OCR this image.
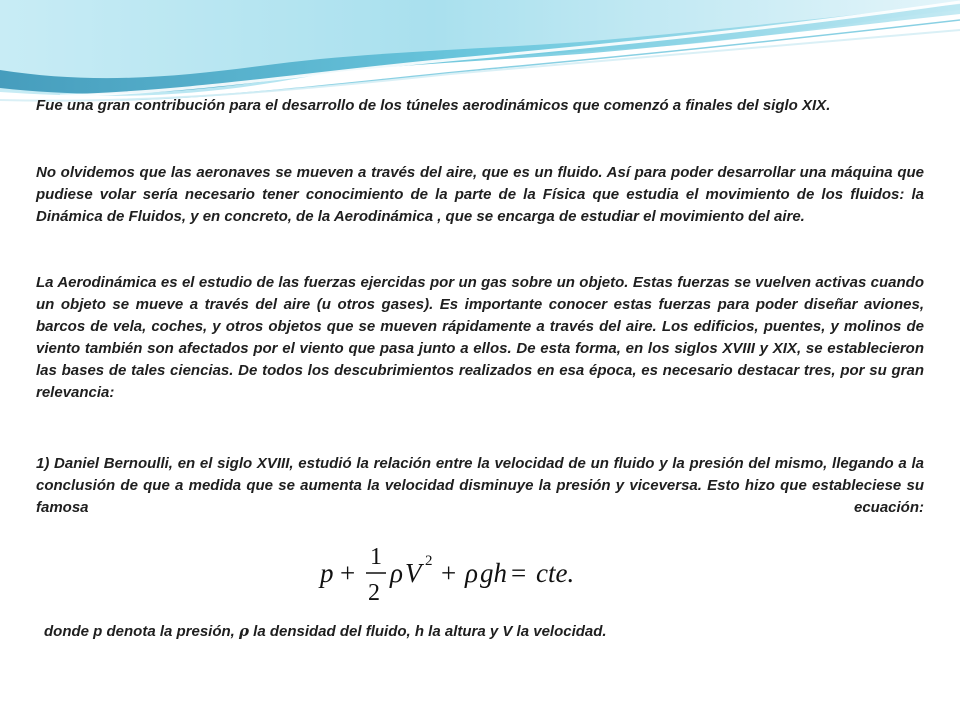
Fue una gran contribución para el desarrollo de los túneles aerodinámicos que comenzó a finales del siglo XIX.

No olvidemos que las aeronaves se mueven a través del aire, que es un fluido. Así para poder desarrollar una máquina que pudiese volar sería necesario tener conocimiento de la parte de la Física que estudia el movimiento de los fluidos: la Dinámica de Fluidos, y en concreto, de la Aerodinámica , que se encarga de estudiar el movimiento del aire.

La Aerodinámica es el estudio de las fuerzas ejercidas por un gas sobre un objeto. Estas fuerzas se vuelven activas cuando un objeto se mueve a través del aire (u otros gases). Es importante conocer estas fuerzas para poder diseñar aviones, barcos de vela, coches, y otros objetos que se mueven rápidamente a través del aire. Los edificios, puentes, y molinos de viento también son afectados por el viento que pasa junto a ellos. De esta forma, en los siglos XVIII y XIX, se establecieron las bases de tales ciencias. De todos los descubrimientos realizados en esa época, es necesario destacar tres, por su gran relevancia:

1) Daniel Bernoulli, en el siglo XVIII, estudió la relación entre la velocidad de un fluido y la presión del mismo, llegando a la conclusión de que a medida que se aumenta la velocidad disminuye la presión y viceversa. Esto hizo que estableciese su famosa ecuación:

p +
1
2
ρ V 2 + ρ gh = cte.
donde p denota la presión, ρ la densidad del fluido, h la altura y V la velocidad.
